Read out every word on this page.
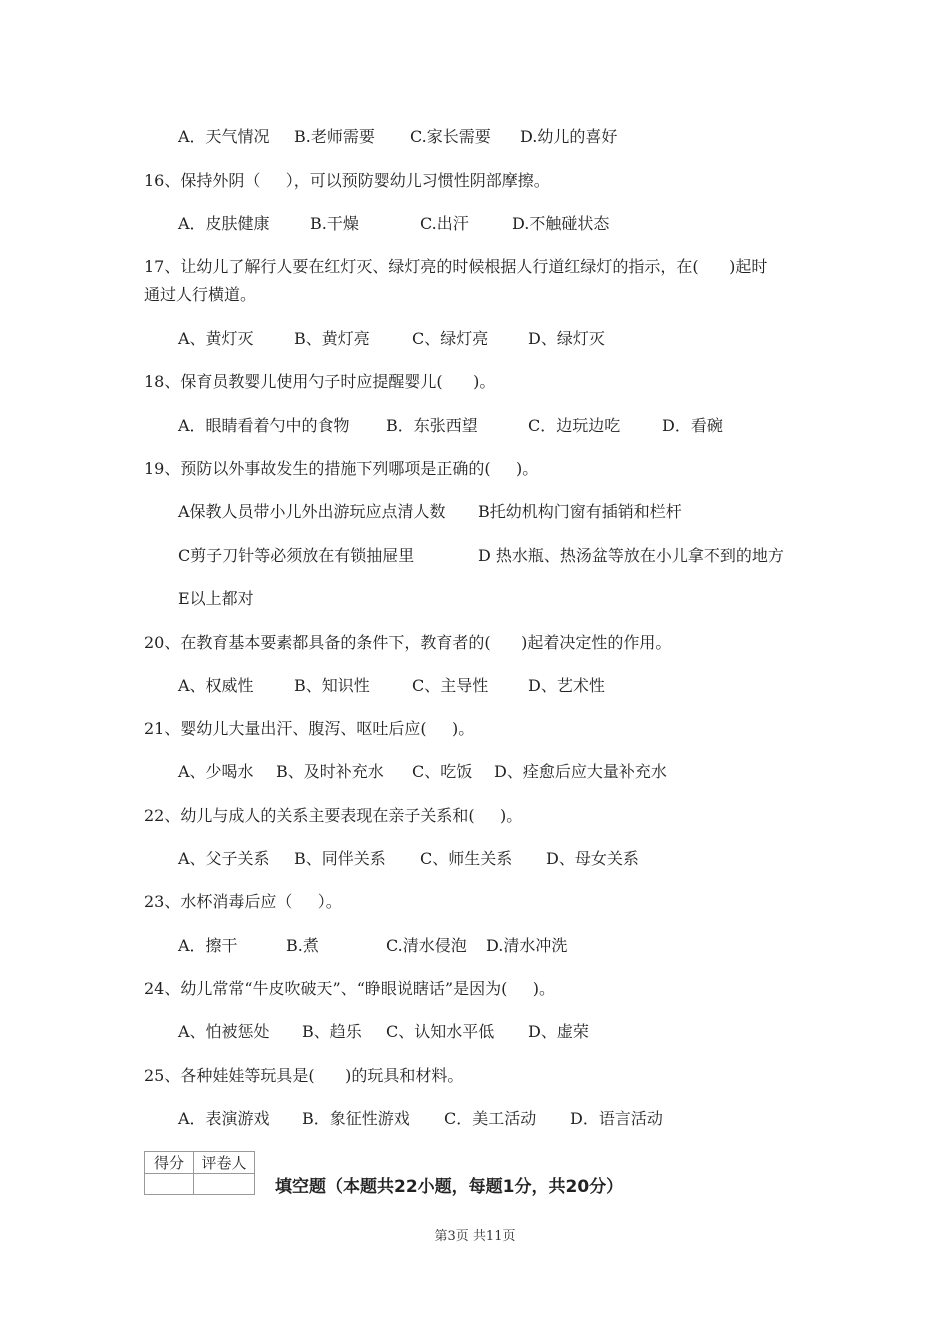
A．天气情况

B.老师需要

C.家长需要

D.幼儿的喜好

16、保持外阴（     ），可以预防婴幼儿习惯性阴部摩擦。

A．皮肤健康

	B.干燥

	C.出汗

	D.不触碰状态

17、让幼儿了解行人要在红灯灭、绿灯亮的时候根据人行道红绿灯的指示，在(      )起时
通过人行横道。

A、黄灯灭

	B、黄灯亮

	C、绿灯亮

D、绿灯灭

18、保育员教婴儿使用勺子时应提醒婴儿(      )。

A．眼睛看着勺中的食物

B．东张西望

	C．边玩边吃

	D．看碗

19、预防以外事故发生的措施下列哪项是正确的(     )。

A保教人员带小儿外出游玩应点清人数

B托幼机构门窗有插销和栏杆

C剪子刀针等必须放在有锁抽屉里

	D 热水瓶、热汤盆等放在小儿拿不到的地方

E以上都对

20、在教育基本要素都具备的条件下，教育者的(      )起着决定性的作用。

A、权威性

	B、知识性

	C、主导性

D、艺术性

21、婴幼儿大量出汗、腹泻、呕吐后应(     )。

A、少喝水

B、及时补充水

C、吃饭

D、痊愈后应大量补充水

22、幼儿与成人的关系主要表现在亲子关系和(     )。

A、父子关系

B、同伴关系

C、师生关系

D、母女关系

23、水杯消毒后应（     ）。

A．擦干

	B.煮

	C.清水侵泡

D.清水冲洗

24、幼儿常常“牛皮吹破天”、“睁眼说瞎话”是因为(     )。

A、怕被惩处

B、趋乐

C、认知水平低

D、虚荣

25、各种娃娃等玩具是(      )的玩具和材料。

A．表演游戏

B．象征性游戏

C．美工活动

D．语言活动

得分	评卷人

填空题（本题共22小题，每题1分，共20分）
第3页 共11页
